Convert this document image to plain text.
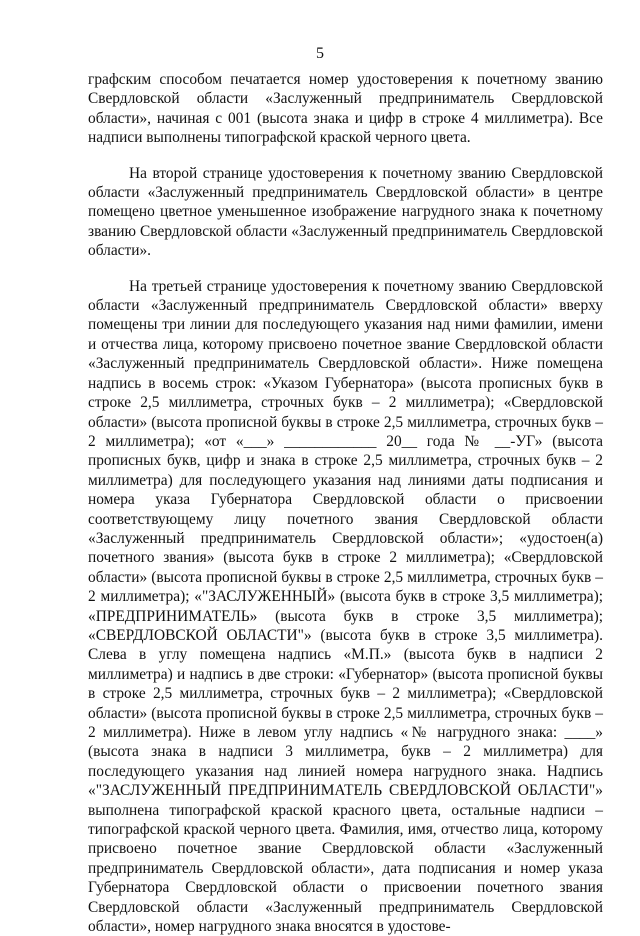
5

графским способом печатается номер удостоверения к почетному званию Свердловской области «Заслуженный предприниматель Свердловской области», начиная с 001 (высота знака и цифр в строке 4 миллиметра). Все надписи выполнены типографской краской черного цвета.

На второй странице удостоверения к почетному званию Свердловской области «Заслуженный предприниматель Свердловской области» в центре помещено цветное уменьшенное изображение нагрудного знака к почетному званию Свердловской области «Заслуженный предприниматель Свердловской области».

На третьей странице удостоверения к почетному званию Свердловской области «Заслуженный предприниматель Свердловской области» вверху помещены три линии для последующего указания над ними фамилии, имени и отчества лица, которому присвоено почетное звание Свердловской области «Заслуженный предприниматель Свердловской области». Ниже помещена надпись в восемь строк: «Указом Губернатора» (высота прописных букв в строке 2,5 миллиметра, строчных букв – 2 миллиметра); «Свердловской области» (высота прописной буквы в строке 2,5 миллиметра, строчных букв – 2 миллиметра); «от «___» ____________ 20__ года № __-УГ» (высота прописных букв, цифр и знака в строке 2,5 миллиметра, строчных букв – 2 миллиметра) для последующего указания над линиями даты подписания и номера указа Губернатора Свердловской области о присвоении соответствующему лицу почетного звания Свердловской области «Заслуженный предприниматель Свердловской области»; «удостоен(а) почетного звания» (высота букв в строке 2 миллиметра); «Свердловской области» (высота прописной буквы в строке 2,5 миллиметра, строчных букв – 2 миллиметра); «"ЗАСЛУЖЕННЫЙ» (высота букв в строке 3,5 миллиметра); «ПРЕДПРИНИМАТЕЛЬ» (высота букв в строке 3,5 миллиметра); «СВЕРДЛОВСКОЙ ОБЛАСТИ"» (высота букв в строке 3,5 миллиметра). Слева в углу помещена надпись «М.П.» (высота букв в надписи 2 миллиметра) и надпись в две строки: «Губернатор» (высота прописной буквы в строке 2,5 миллиметра, строчных букв – 2 миллиметра); «Свердловской области» (высота прописной буквы в строке 2,5 миллиметра, строчных букв – 2 миллиметра). Ниже в левом углу надпись «№ нагрудного знака: ____» (высота знака в надписи 3 миллиметра, букв – 2 миллиметра) для последующего указания над линией номера нагрудного знака. Надпись «"ЗАСЛУЖЕННЫЙ ПРЕДПРИНИМАТЕЛЬ СВЕРДЛОВСКОЙ ОБЛАСТИ"» выполнена типографской краской красного цвета, остальные надписи – типографской краской черного цвета. Фамилия, имя, отчество лица, которому присвоено почетное звание Свердловской области «Заслуженный предприниматель Свердловской области», дата подписания и номер указа Губернатора Свердловской области о присвоении почетного звания Свердловской области «Заслуженный предприниматель Свердловской области», номер нагрудного знака вносятся в удостове-
